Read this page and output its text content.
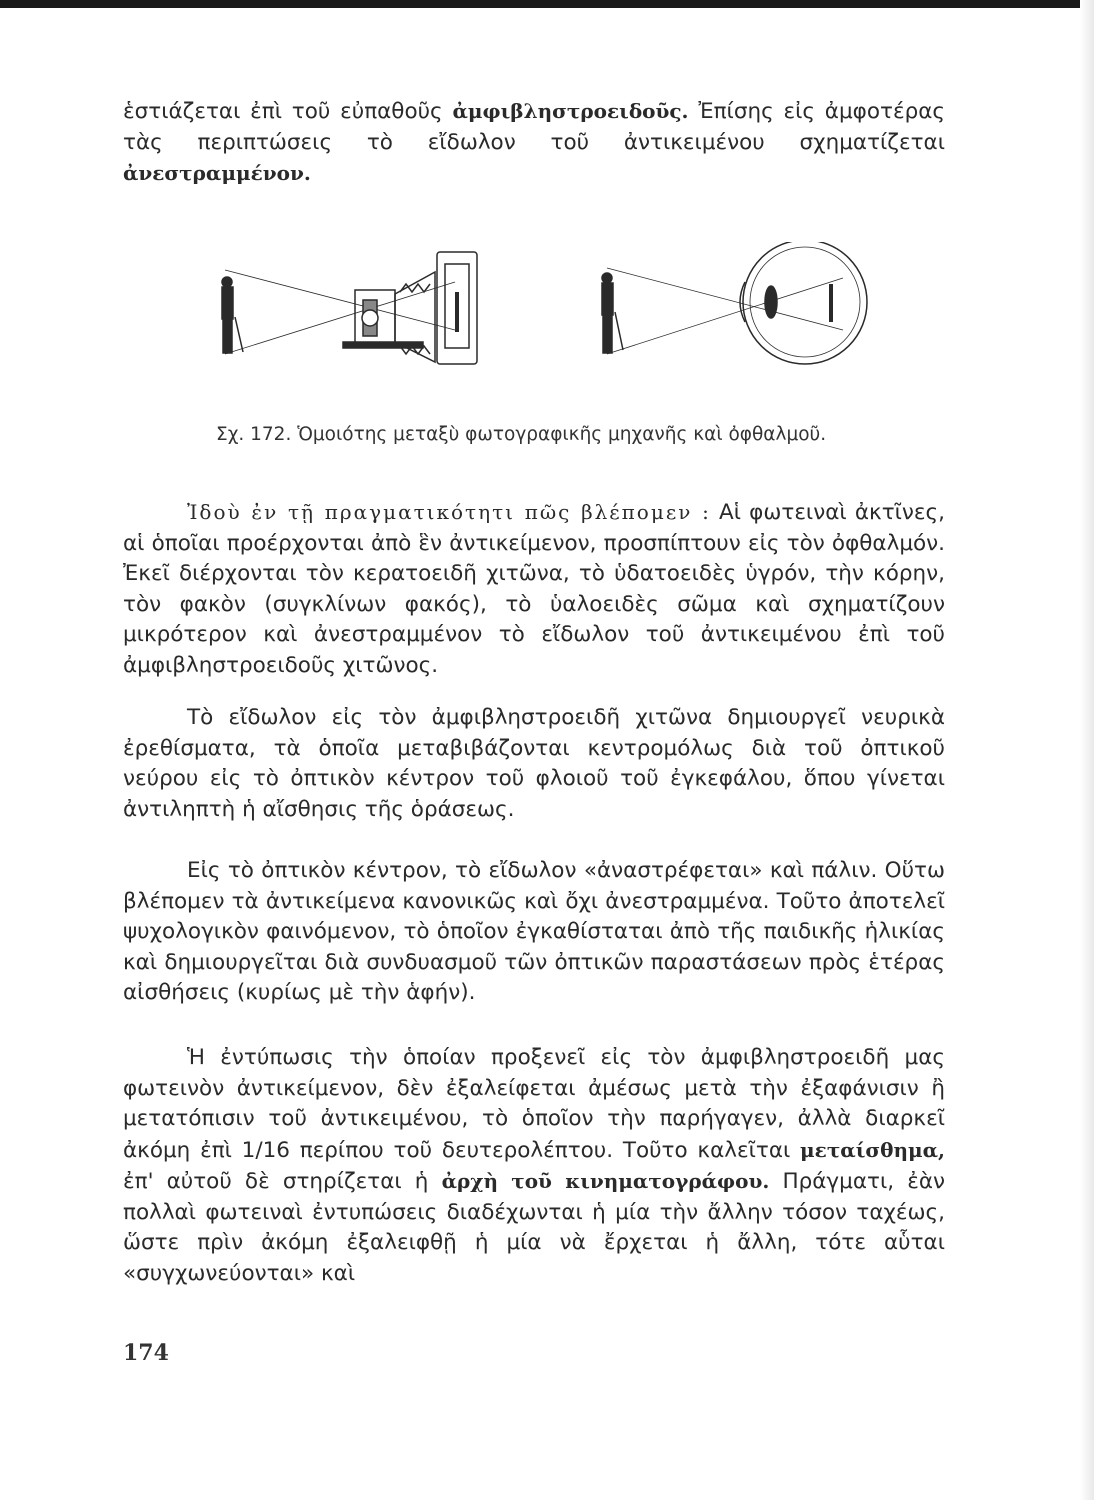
ἑστιάζεται ἐπὶ τοῦ εὐπαθοῦς ἀμφιβληστροειδοῦς. Ἐπίσης εἰς ἀμφοτέρας τὰς περιπτώσεις τὸ εἴδωλον τοῦ ἀντικειμένου σχηματίζεται ἀνεστραμμένον.

Σχ. 172. Ὁμοιότης μεταξὺ φωτογραφικῆς μηχανῆς καὶ ὀφθαλμοῦ.

Ἰδοὺ ἐν τῇ πραγματικότητι πῶς βλέπομεν : Αἱ φωτειναὶ ἀκτῖνες, αἱ ὁποῖαι προέρχονται ἀπὸ ἓν ἀντικείμενον, προσπίπτουν εἰς τὸν ὀφθαλμόν. Ἐκεῖ διέρχονται τὸν κερατοειδῆ χιτῶνα, τὸ ὑδατοειδὲς ὑγρόν, τὴν κόρην, τὸν φακὸν (συγκλίνων φακός), τὸ ὑαλοειδὲς σῶμα καὶ σχηματίζουν μικρότερον καὶ ἀνεστραμμένον τὸ εἴδωλον τοῦ ἀντικειμένου ἐπὶ τοῦ ἀμφιβληστροειδοῦς χιτῶνος.

Τὸ εἴδωλον εἰς τὸν ἀμφιβληστροειδῆ χιτῶνα δημιουργεῖ νευρικὰ ἐρεθίσματα, τὰ ὁποῖα μεταβιβάζονται κεντρομόλως διὰ τοῦ ὀπτικοῦ νεύρου εἰς τὸ ὀπτικὸν κέντρον τοῦ φλοιοῦ τοῦ ἐγκεφάλου, ὅπου γίνεται ἀντιληπτὴ ἡ αἴσθησις τῆς ὁράσεως.

Εἰς τὸ ὀπτικὸν κέντρον, τὸ εἴδωλον «ἀναστρέφεται» καὶ πάλιν. Οὕτω βλέπομεν τὰ ἀντικείμενα κανονικῶς καὶ ὄχι ἀνεστραμμένα. Τοῦτο ἀποτελεῖ ψυχολογικὸν φαινόμενον, τὸ ὁποῖον ἐγκαθίσταται ἀπὸ τῆς παιδικῆς ἡλικίας καὶ δημιουργεῖται διὰ συνδυασμοῦ τῶν ὀπτικῶν παραστάσεων πρὸς ἑτέρας αἰσθήσεις (κυρίως μὲ τὴν ἁφήν).

Ἡ ἐντύπωσις τὴν ὁποίαν προξενεῖ εἰς τὸν ἀμφιβληστροειδῆ μας φωτεινὸν ἀντικείμενον, δὲν ἐξαλείφεται ἀμέσως μετὰ τὴν ἐξαφάνισιν ἢ μετατόπισιν τοῦ ἀντικειμένου, τὸ ὁποῖον τὴν παρήγαγεν, ἀλλὰ διαρκεῖ ἀκόμη ἐπὶ 1/16 περίπου τοῦ δευτερολέπτου. Τοῦτο καλεῖται μεταίσθημα, ἐπ' αὐτοῦ δὲ στηρίζεται ἡ ἀρχὴ τοῦ κινηματογράφου. Πράγματι, ἐὰν πολλαὶ φωτειναὶ ἐντυπώσεις διαδέχωνται ἡ μία τὴν ἄλλην τόσον ταχέως, ὥστε πρὶν ἀκόμη ἐξαλειφθῇ ἡ μία νὰ ἔρχεται ἡ ἄλλη, τότε αὗται «συγχωνεύονται» καὶ

174
